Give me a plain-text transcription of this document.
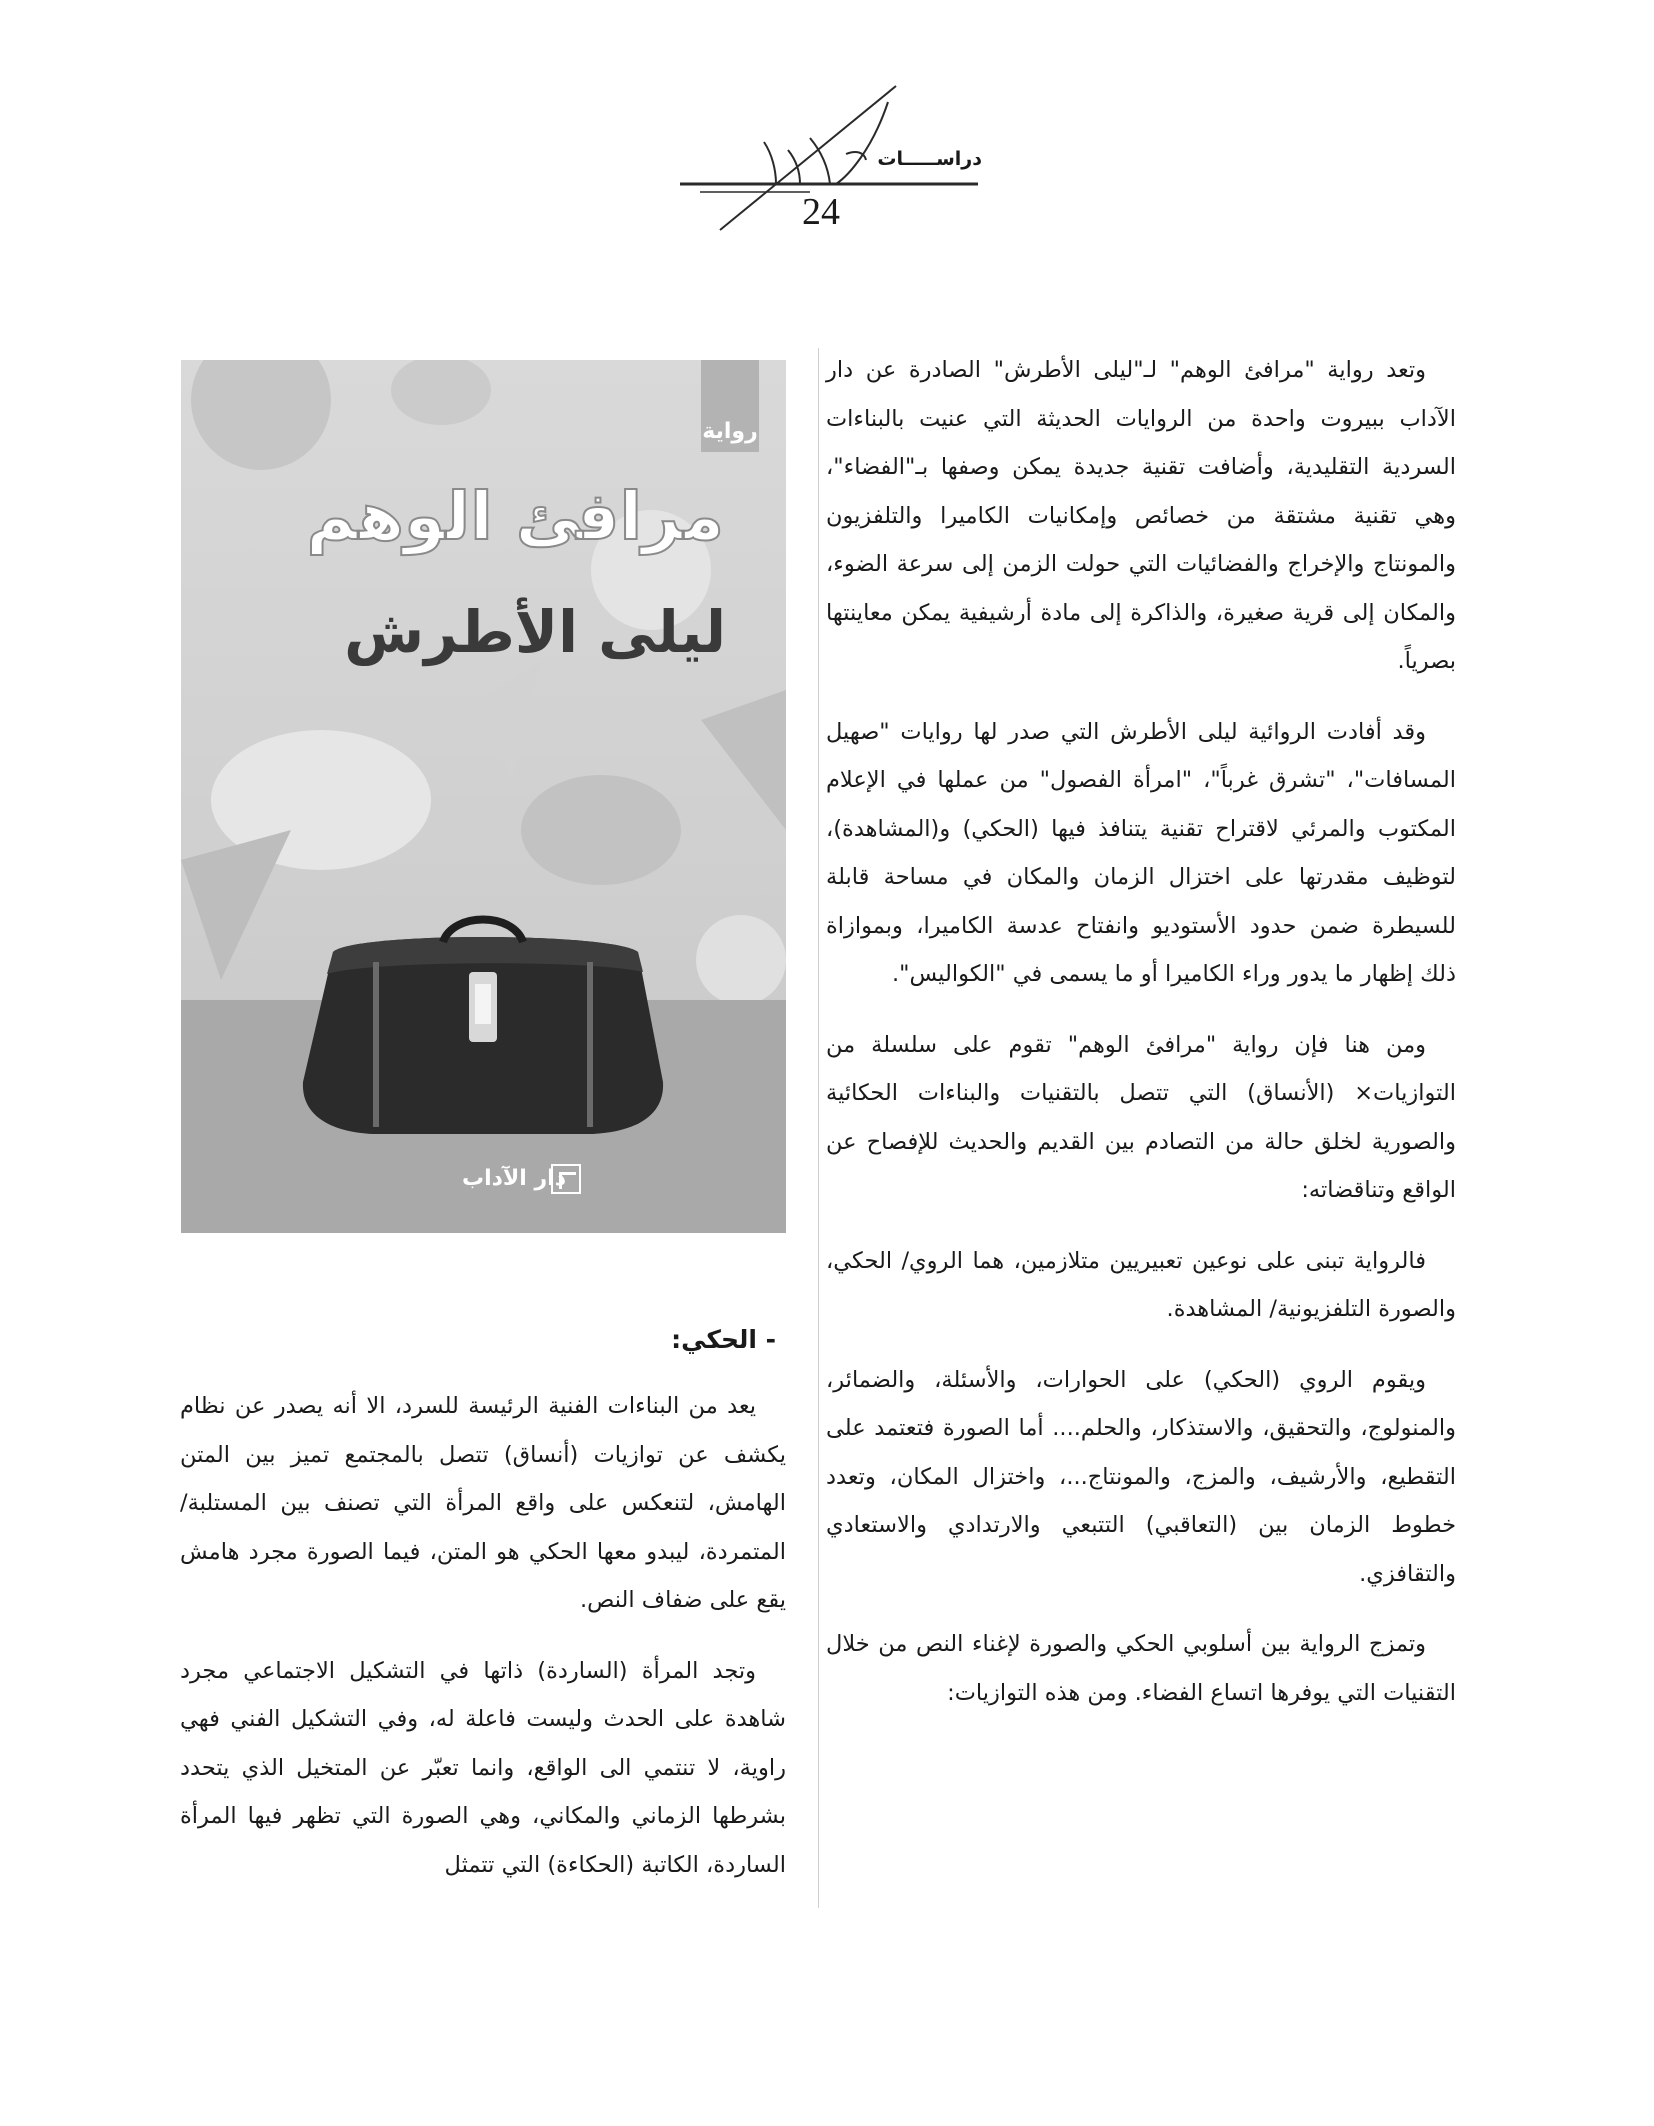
دراســـــات
24
رواية
مرافئ الوهم
ليلى الأطرش
دار الآداب

وتعد رواية "مرافئ الوهم" لـ"ليلى الأطرش" الصادرة عن دار الآداب ببيروت واحدة من الروايات الحديثة التي عنيت بالبناءات السردية التقليدية، وأضافت تقنية جديدة يمكن وصفها بـ"الفضاء"، وهي تقنية مشتقة من خصائص وإمكانيات الكاميرا والتلفزيون والمونتاج والإخراج والفضائيات التي حولت الزمن إلى سرعة الضوء، والمكان إلى قرية صغيرة، والذاكرة إلى مادة أرشيفية يمكن معاينتها بصرياً.

وقد أفادت الروائية ليلى الأطرش التي صدر لها روايات "صهيل المسافات"، "تشرق غرباً"، "امرأة الفصول" من عملها في الإعلام المكتوب والمرئي لاقتراح تقنية يتنافذ فيها (الحكي) و(المشاهدة)، لتوظيف مقدرتها على اختزال الزمان والمكان في مساحة قابلة للسيطرة ضمن حدود الأستوديو وانفتاح عدسة الكاميرا، وبموازاة ذلك إظهار ما يدور وراء الكاميرا أو ما يسمى في "الكواليس".

ومن هنا فإن رواية "مرافئ الوهم" تقوم على سلسلة من التوازيات× (الأنساق) التي تتصل بالتقنيات والبناءات الحكائية والصورية لخلق حالة من التصادم بين القديم والحديث للإفصاح عن الواقع وتناقضاته:

فالرواية تبنى على نوعين تعبيريين متلازمين، هما الروي/ الحكي، والصورة التلفزيونية/ المشاهدة.

ويقوم الروي (الحكي) على الحوارات، والأسئلة، والضمائر، والمنولوج، والتحقيق، والاستذكار، والحلم.... أما الصورة فتعتمد على التقطيع، والأرشيف، والمزج، والمونتاج...، واختزال المكان، وتعدد خطوط الزمان بين (التعاقبي) التتبعي والارتدادي والاستعادي والتقافزي.

وتمزج الرواية بين أسلوبي الحكي والصورة لإغناء النص من خلال التقنيات التي يوفرها اتساع الفضاء. ومن هذه التوازيات:

- الحكي:

يعد من البناءات الفنية الرئيسة للسرد، الا أنه يصدر عن نظام يكشف عن توازيات (أنساق) تتصل بالمجتمع تميز بين المتن الهامش، لتنعكس على واقع المرأة التي تصنف بين المستلبة/ المتمردة، ليبدو معها الحكي هو المتن، فيما الصورة مجرد هامش يقع على ضفاف النص.

وتجد المرأة (الساردة) ذاتها في التشكيل الاجتماعي مجرد شاهدة على الحدث وليست فاعلة له، وفي التشكيل الفني فهي راوية، لا تنتمي الى الواقع، وانما تعبّر عن المتخيل الذي يتحدد بشرطها الزماني والمكاني، وهي الصورة التي تظهر فيها المرأة الساردة، الكاتبة (الحكاءة) التي تتمثل
